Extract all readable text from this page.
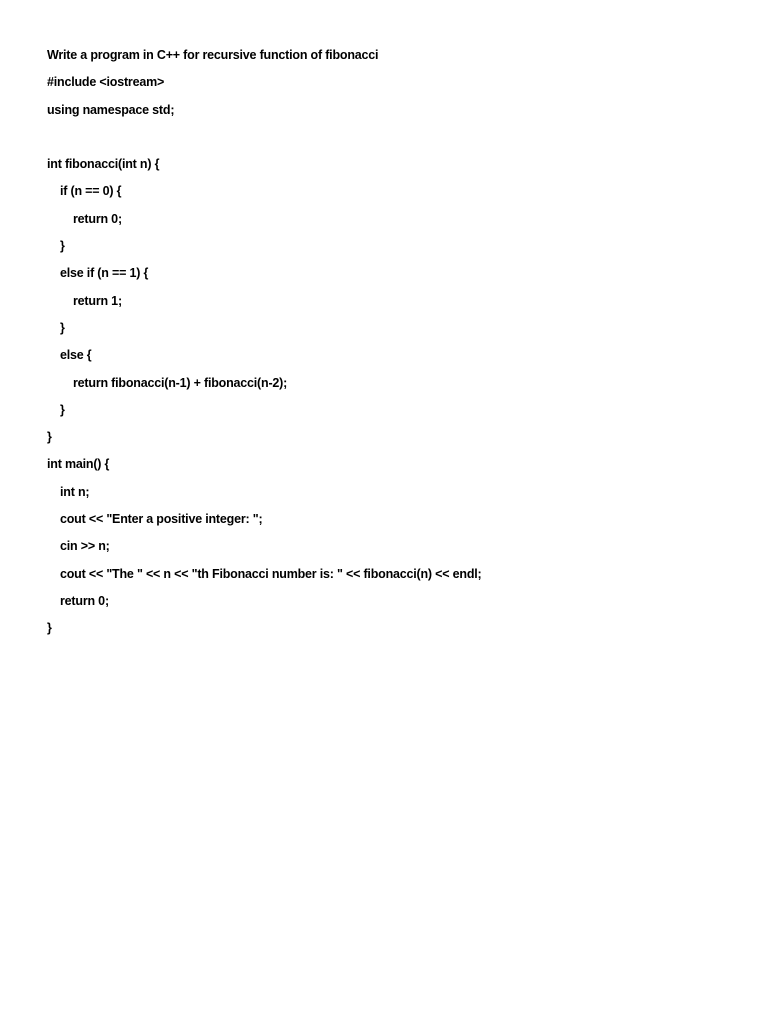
Write a program in C++ for recursive function of fibonacci
#include <iostream>
using namespace std;
int fibonacci(int n) {
if (n == 0) {
return 0;
}
else if (n == 1) {
return 1;
}
else {
return fibonacci(n-1) + fibonacci(n-2);
}
}
int main() {
int n;
cout << "Enter a positive integer: ";
cin >> n;
cout << "The " << n << "th Fibonacci number is: " << fibonacci(n) << endl;
return 0;
}
